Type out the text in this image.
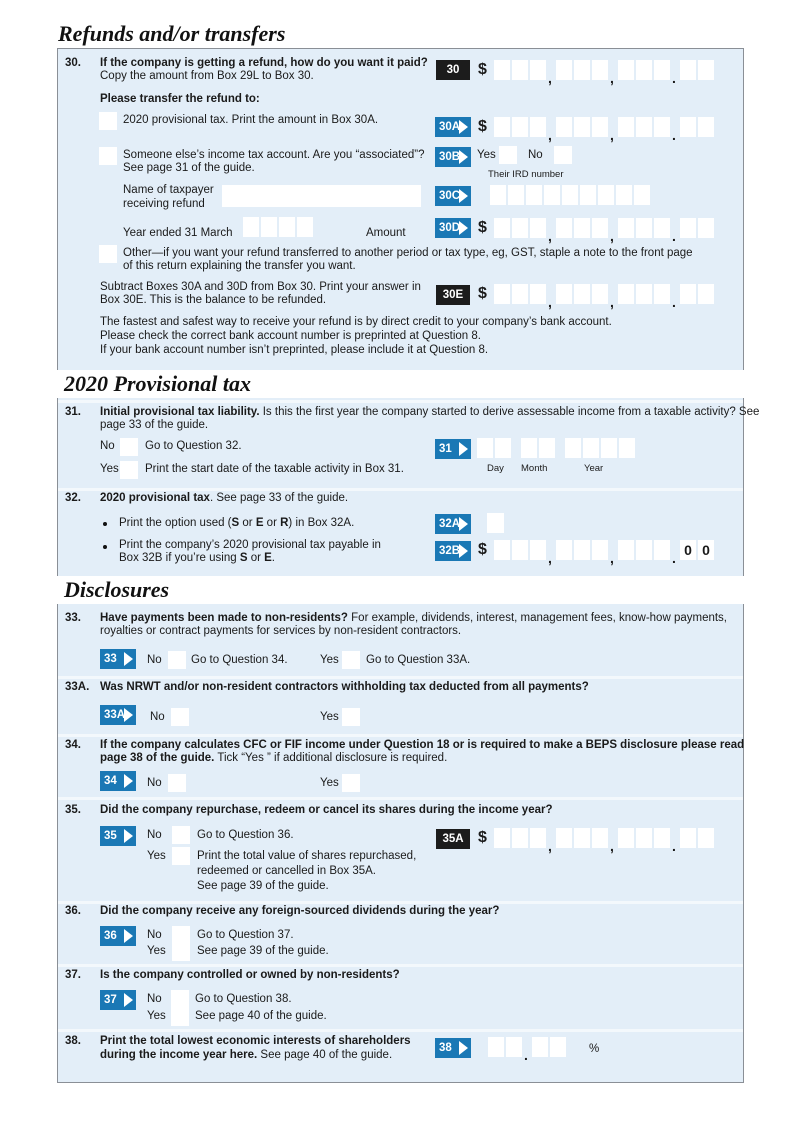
Refunds and/or transfers
2020 Provisional tax
Disclosures
30. If the company is getting a refund, how do you want it paid?
Copy the amount from Box 29L to Box 30.	30	$	,	,	.
Please transfer the refund to:
2020 provisional tax. Print the amount in Box 30A.
30A	$	,	,	.
Someone else’s income tax account. Are you “associated”?
See page 31 of the guide.
30B	Yes	No
Their IRD number
Name of taxpayer
receiving refund
30C
Year ended 31 March	Amount	30D	$	,	,	.
Other—if you want your refund transferred to another period or tax type, eg, GST, staple a note to the front page
of this return explaining the transfer you want.
Subtract Boxes 30A and 30D from Box 30. Print your answer in
Box 30E. This is the balance to be refunded.	30E $	,	,	.
The fastest and safest way to receive your refund is by direct credit to your company’s bank account.
Please check the correct bank account number is preprinted at Question 8.
If your bank account number isn’t preprinted, please include it at Question 8.
31. Initial provisional tax liability. Is this the first year the company started to derive assessable income from a taxable activity? See
page 33 of the guide.
No	Go to Question 32.
Yes Print the start date of the taxable activity in Box 31.
31
Day Month	Year
32. 2020 provisional tax. See page 33 of the guide.
Print the option used (S or E or R) in Box 32A.
Print the company’s 2020 provisional tax payable in
Box 32B if you’re using S or E.
32A
32B	$	,	,	. 0 0
33. Have payments been made to non-residents? For example, dividends, interest, management fees, know-how payments,
royalties or contract payments for services by non-resident contractors.
33	No	Go to Question 34.	Yes Go to Question 33A.
33A. Was NRWT and/or non-resident contractors withholding tax deducted from all payments?
33A	No	Yes
34. If the company calculates CFC or FIF income under Question 18 or is required to make a BEPS disclosure please read
page 38 of the guide. Tick “Yes ” if additional disclosure is required.
34	No	Yes
35. Did the company repurchase, redeem or cancel its shares during the income year?
35	No	Go to Question 36.
Yes	Print the total value of shares repurchased,
redeemed or cancelled in Box 35A.
See page 39 of the guide.
35A $	,	,	.
36. Did the company receive any foreign-sourced dividends during the year?
36	No	Go to Question 37.
Yes	See page 39 of the guide.
37. Is the company controlled or owned by non-residents?
37	No	Go to Question 38.
Yes	See page 40 of the guide.
38. Print the total lowest economic interests of shareholders
during the income year here. See page 40 of the guide.
38	.	%
